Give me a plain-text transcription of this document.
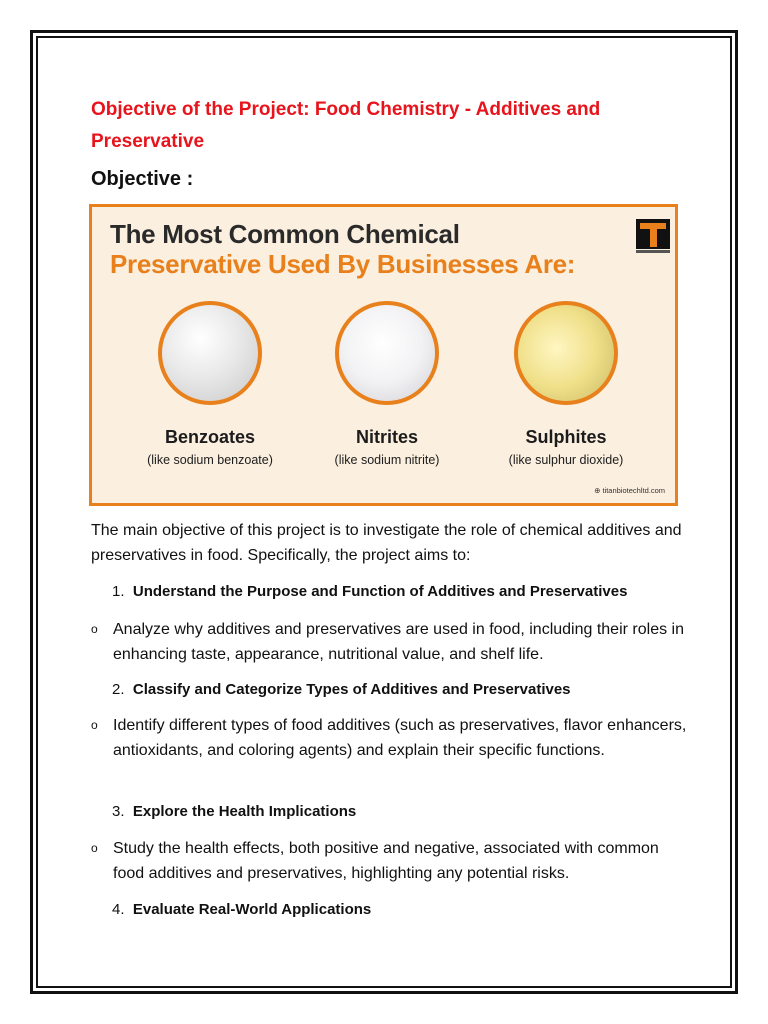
Objective of the Project: Food Chemistry - Additives and Preservative
Objective :

The Most Common Chemical

Preservative Used By Businesses Are:

Benzoates	Nitrites	Sulphites

(like sodium benzoate)	(like sodium nitrite)	(like sulphur dioxide)

⊕ titanbiotechltd.com

The main objective of this project is to investigate the role of chemical additives and preservatives in food. Specifically, the project aims to:

1. Understand the Purpose and Function of Additives and Preservatives

o Analyze why additives and preservatives are used in food, including their roles in enhancing taste, appearance, nutritional value, and shelf life.

2. Classify and Categorize Types of Additives and Preservatives

o Identify different types of food additives (such as preservatives, flavor enhancers, antioxidants, and coloring agents) and explain their specific functions.

3. Explore the Health Implications

o Study the health effects, both positive and negative, associated with common food additives and preservatives, highlighting any potential risks.

4. Evaluate Real-World Applications
